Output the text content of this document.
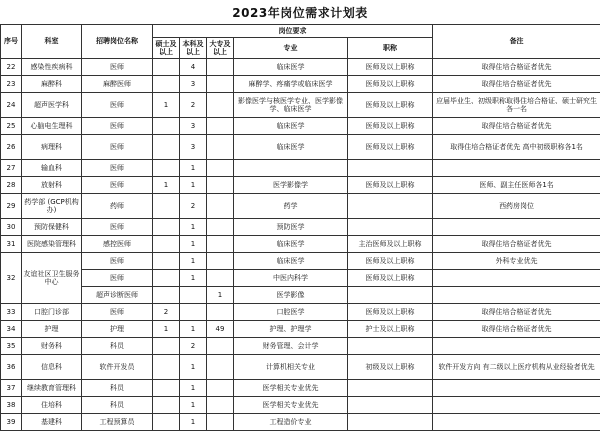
2023年岗位需求计划表
序号	科室	招聘岗位名称	岗位要求					备注
			硕士及以上	本科及以上	大专及以上	专业	职称	
22	感染性疾病科	医师		4		临床医学	医师及以上职称	取得住培合格证者优先
23	麻醉科	麻醉医师		3		麻醉学、疼痛学或临床医学	医师及以上职称	取得住培合格证者优先
24	超声医学科	医师	1	2		影像医学与核医学专业、医学影像学、临床医学	医师及以上职称	应届毕业生、初级职称取得住培合格证、硕士研究生各一名
25	心脑电生理科	医师		3		临床医学	医师及以上职称	取得住培合格证者优先
26	病理科	医师		3		临床医学	医师及以上职称	取得住培合格证者优先 高中初级职称各1名
27	输血科	医师		1				
28	放射科	医师	1	1		医学影像学	医师及以上职称	医师、副主任医师各1名
29	药学部 (GCP机构办)	药师		2		药学		西药房岗位
30	预防保健科	医师		1		预防医学		
31	医院感染管理科	感控医师		1		临床医学	主治医师及以上职称	取得住培合格证者优先
32	友谊社区卫生服务中心	医师		1		临床医学	医师及以上职称	外科专业优先
		医师		1		中医内科学	医师及以上职称	
		超声诊断医师			1	医学影像		
33	口腔门诊部	医师	2			口腔医学	医师及以上职称	取得住培合格证者优先
34	护理	护理	1	1	49	护理、护理学	护士及以上职称	取得住培合格证者优先
35	财务科	科员		2		财务管理、会计学		
36	信息科	软件开发员		1		计算机相关专业	初级及以上职称	软件开发方向 有二级以上医疗机构从业经验者优先
37	继续教育管理科	科员		1		医学相关专业优先		
38	住培科	科员		1		医学相关专业优先		
39	基建科	工程预算员		1		工程造价专业		
